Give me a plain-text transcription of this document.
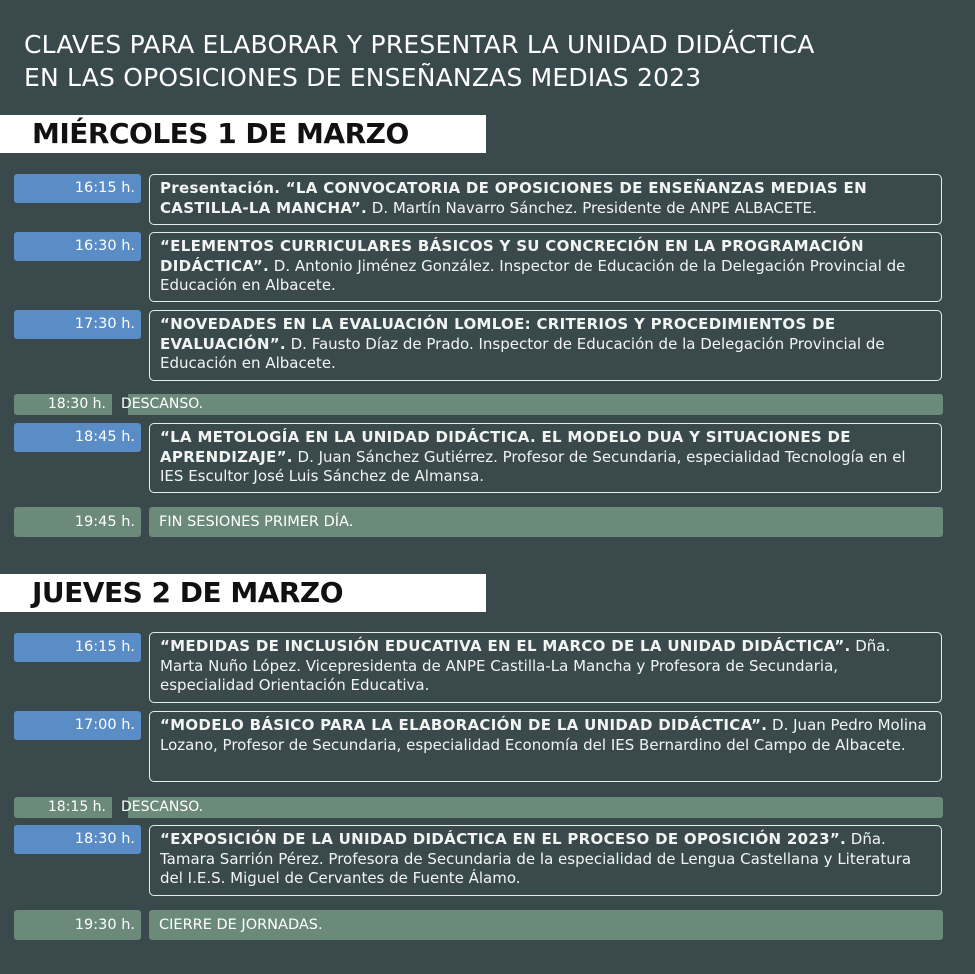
CLAVES PARA ELABORAR Y PRESENTAR LA UNIDAD DIDÁCTICA
EN LAS OPOSICIONES DE ENSEÑANZAS MEDIAS 2023
MIÉRCOLES 1 DE MARZO
16:15 h.	Presentación. “LA CONVOCATORIA DE OPOSICIONES DE ENSEÑANZAS MEDIAS EN CASTILLA-LA MANCHA”. D. Martín Navarro Sánchez. Presidente de ANPE ALBACETE.
16:30 h.	“ELEMENTOS CURRICULARES BÁSICOS Y SU CONCRECIÓN EN LA PROGRAMACIÓN DIDÁCTICA”. D. Antonio Jiménez González. Inspector de Educación de la Delegación Provincial de Educación en Albacete.
17:30 h.	“NOVEDADES EN LA EVALUACIÓN LOMLOE: CRITERIOS Y PROCEDIMIENTOS DE EVALUACIÓN”. D. Fausto Díaz de Prado. Inspector de Educación de la Delegación Provincial de Educación en Albacete.
18:30 h. DESCANSO.
18:45 h.	“LA METOLOGÍA EN LA UNIDAD DIDÁCTICA. EL MODELO DUA Y SITUACIONES DE APRENDIZAJE”. D. Juan Sánchez Gutiérrez. Profesor de Secundaria, especialidad Tecnología en el IES Escultor José Luis Sánchez de Almansa.
19:45 h.	FIN SESIONES PRIMER DÍA.
JUEVES 2 DE MARZO
16:15 h.	“MEDIDAS DE INCLUSIÓN EDUCATIVA EN EL MARCO DE LA UNIDAD DIDÁCTICA”. Dña. Marta Nuño López. Vicepresidenta de ANPE Castilla-La Mancha y Profesora de Secundaria, especialidad Orientación Educativa.
17:00 h.	“MODELO BÁSICO PARA LA ELABORACIÓN DE LA UNIDAD DIDÁCTICA”. D. Juan Pedro Molina Lozano, Profesor de Secundaria, especialidad Economía del IES Bernardino del Campo de Albacete.
18:15 h. DESCANSO.
18:30 h.	“EXPOSICIÓN DE LA UNIDAD DIDÁCTICA EN EL PROCESO DE OPOSICIÓN 2023”. Dña. Tamara Sarrión Pérez. Profesora de Secundaria de la especialidad de Lengua Castellana y Literatura del I.E.S. Miguel de Cervantes de Fuente Álamo.
19:30 h.	CIERRE DE JORNADAS.
